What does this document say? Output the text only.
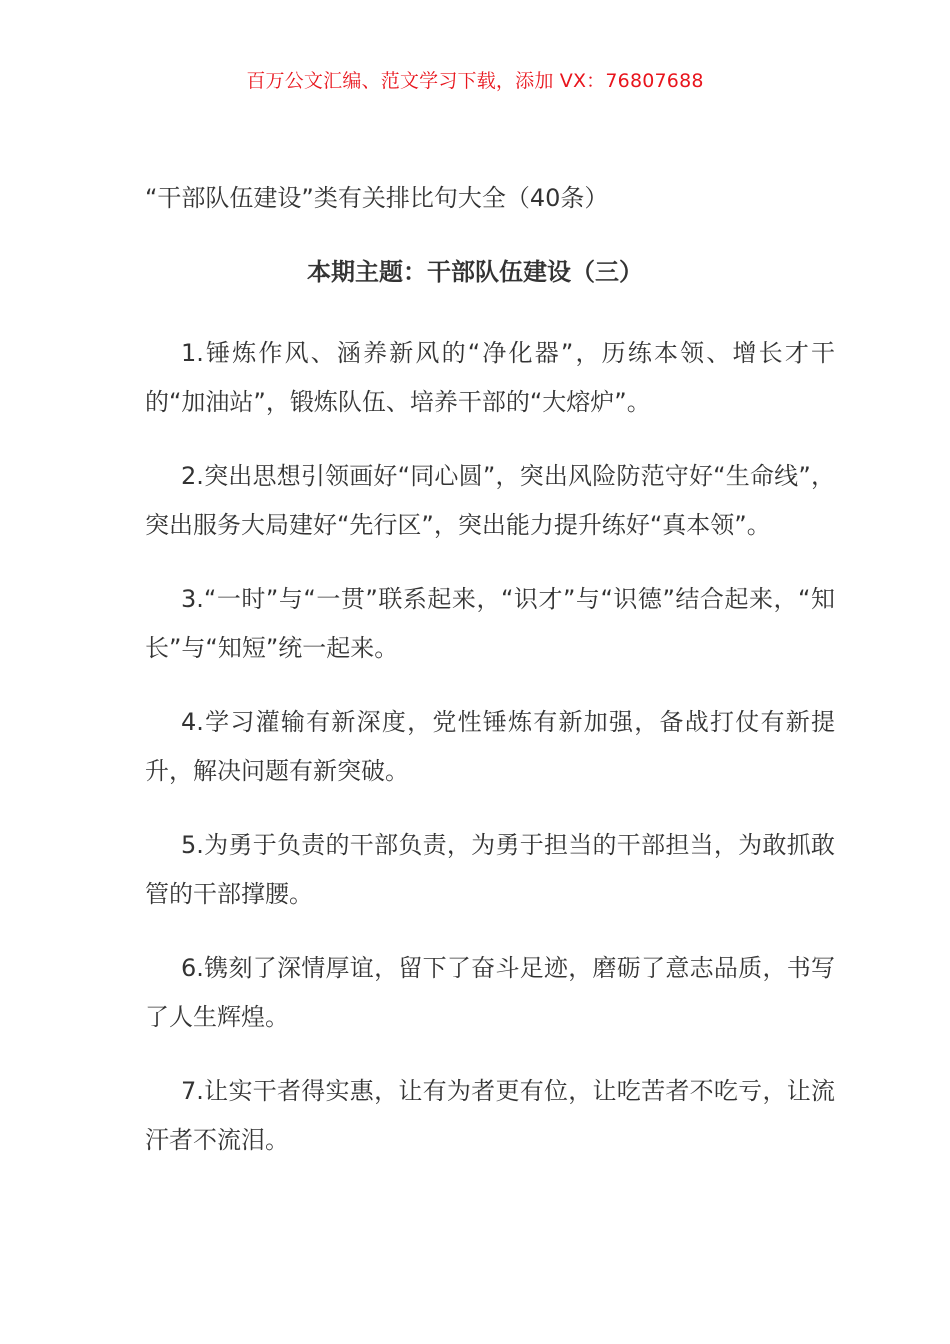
百万公文汇编、范文学习下载，添加 VX：76807688
“干部队伍建设”类有关排比句大全（40条）
本期主题：干部队伍建设（三）

1.锤炼作风、涵养新风的“净化器”，历练本领、增长才干的“加油站”，锻炼队伍、培养干部的“大熔炉”。

2.突出思想引领画好“同心圆”，突出风险防范守好“生命线”，突出服务大局建好“先行区”，突出能力提升练好“真本领”。

3.“一时”与“一贯”联系起来，“识才”与“识德”结合起来，“知长”与“知短”统一起来。

4.学习灌输有新深度，党性锤炼有新加强，备战打仗有新提升，解决问题有新突破。

5.为勇于负责的干部负责，为勇于担当的干部担当，为敢抓敢管的干部撑腰。

6.镌刻了深情厚谊，留下了奋斗足迹，磨砺了意志品质，书写了人生辉煌。

7.让实干者得实惠，让有为者更有位，让吃苦者不吃亏，让流汗者不流泪。
